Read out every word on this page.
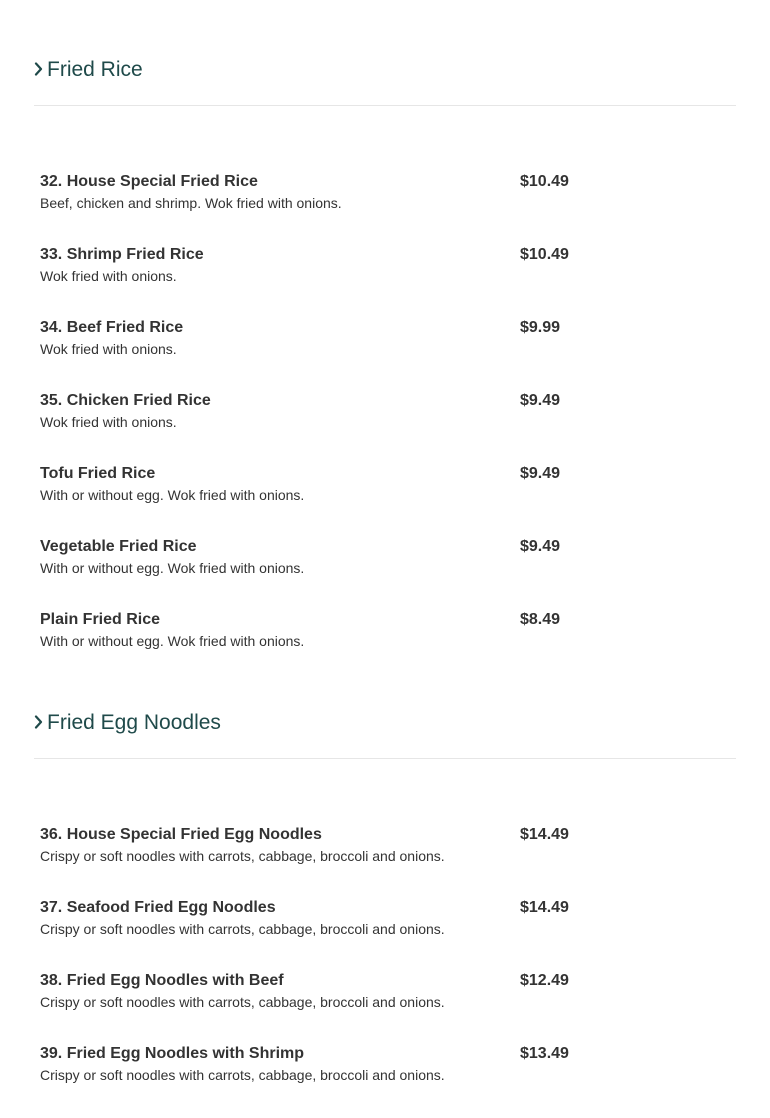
Fried Rice
32. House Special Fried Rice
Beef, chicken and shrimp. Wok fried with onions.
$10.49
33. Shrimp Fried Rice
Wok fried with onions.
$10.49
34. Beef Fried Rice
Wok fried with onions.
$9.99
35. Chicken Fried Rice
Wok fried with onions.
$9.49
Tofu Fried Rice
With or without egg. Wok fried with onions.
$9.49
Vegetable Fried Rice
With or without egg. Wok fried with onions.
$9.49
Plain Fried Rice
With or without egg. Wok fried with onions.
$8.49
Fried Egg Noodles
36. House Special Fried Egg Noodles
Crispy or soft noodles with carrots, cabbage, broccoli and onions.
$14.49
37. Seafood Fried Egg Noodles
Crispy or soft noodles with carrots, cabbage, broccoli and onions.
$14.49
38. Fried Egg Noodles with Beef
Crispy or soft noodles with carrots, cabbage, broccoli and onions.
$12.49
39. Fried Egg Noodles with Shrimp
Crispy or soft noodles with carrots, cabbage, broccoli and onions.
$13.49
